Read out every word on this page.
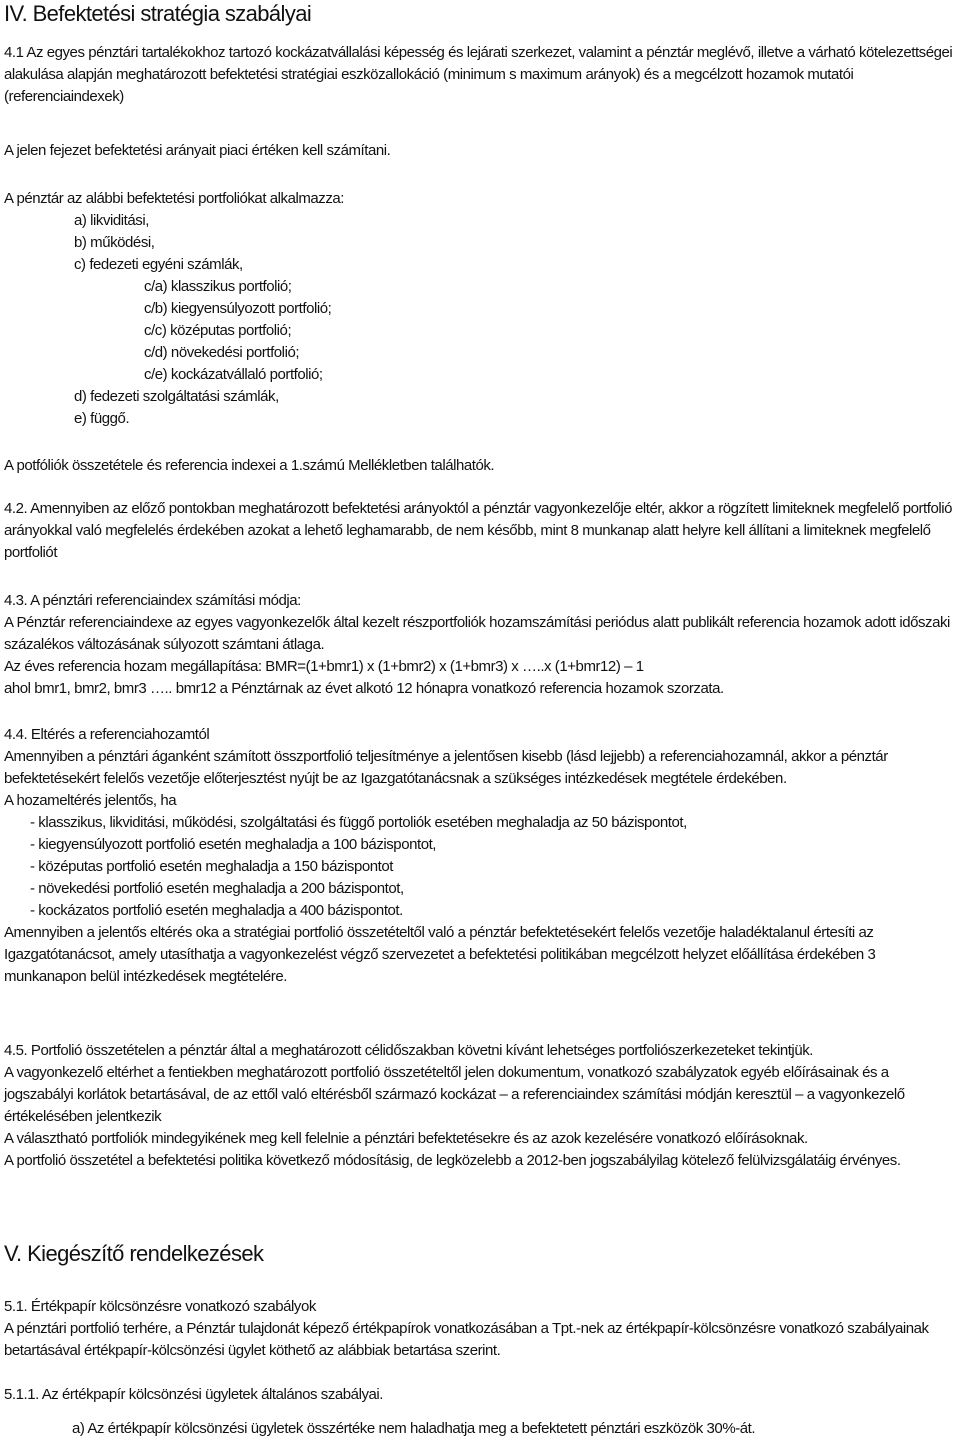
IV. Befektetési stratégia szabályai

4.1 Az egyes pénztári tartalékokhoz tartozó kockázatvállalási képesség és lejárati szerkezet, valamint a pénztár meglévő, illetve a várható kötelezettségei alakulása alapján meghatározott befektetési stratégiai eszközallokáció (minimum s maximum arányok) és a megcélzott hozamok mutatói (referenciaindexek)

A jelen fejezet befektetési arányait piaci értéken kell számítani.

A pénztár az alábbi befektetési portfoliókat alkalmazza:

a) likviditási,

b) működési,

c) fedezeti egyéni számlák,

c/a) klasszikus portfolió;

c/b) kiegyensúlyozott portfolió;

c/c) középutas portfolió;

c/d) növekedési portfolió;

c/e) kockázatvállaló portfolió;

d) fedezeti szolgáltatási számlák,

e) függő.

A potfóliók összetétele és referencia indexei a 1.számú Mellékletben találhatók.

4.2. Amennyiben az előző pontokban meghatározott befektetési arányoktól a pénztár vagyonkezelője eltér, akkor a rögzített limiteknek megfelelő portfolió arányokkal való megfelelés érdekében azokat a lehető leghamarabb, de nem később, mint 8 munkanap alatt helyre kell állítani a limiteknek megfelelő portfoliót

4.3. A pénztári referenciaindex számítási módja:

A Pénztár referenciaindexe az egyes vagyonkezelők által kezelt részportfoliók hozamszámítási periódus alatt publikált referencia hozamok adott időszaki százalékos változásának súlyozott számtani átlaga.

Az éves referencia hozam megállapítása: BMR=(1+bmr1) x (1+bmr2) x (1+bmr3) x …..x (1+bmr12) – 1

ahol bmr1, bmr2, bmr3 ….. bmr12 a Pénztárnak az évet alkotó 12 hónapra vonatkozó referencia hozamok szorzata.

4.4. Eltérés a referenciahozamtól

Amennyiben a pénztári áganként számított összportfolió teljesítménye a jelentősen kisebb (lásd lejjebb) a referenciahozamnál, akkor a pénztár befektetésekért felelős vezetője előterjesztést nyújt be az Igazgatótanácsnak a szükséges intézkedések megtétele érdekében.

A hozameltérés jelentős, ha

- klasszikus, likviditási, működési, szolgáltatási és függő portoliók esetében meghaladja az 50 bázispontot,

- kiegyensúlyozott portfolió esetén meghaladja a 100 bázispontot,

- középutas portfolió esetén meghaladja a 150 bázispontot

- növekedési portfolió esetén meghaladja a 200 bázispontot,

- kockázatos portfolió esetén meghaladja a 400 bázispontot.

Amennyiben a jelentős eltérés oka a stratégiai portfolió összetételtől való a pénztár befektetésekért felelős vezetője haladéktalanul értesíti az Igazgatótanácsot, amely utasíthatja a vagyonkezelést végző szervezetet a befektetési politikában megcélzott helyzet előállítása érdekében 3 munkanapon belül intézkedések megtételére.

4.5. Portfolió összetételen a pénztár által a meghatározott célidőszakban követni kívánt lehetséges portfoliószerkezeteket tekintjük.

A vagyonkezelő eltérhet a fentiekben meghatározott portfolió összetételtől jelen dokumentum, vonatkozó szabályzatok egyéb előírásainak és a jogszabályi korlátok betartásával, de az ettől való eltérésből származó kockázat – a referenciaindex számítási módján keresztül – a vagyonkezelő értékelésében jelentkezik

A választható portfoliók mindegyikének meg kell felelnie a pénztári befektetésekre és az azok kezelésére vonatkozó előírásoknak.

A portfolió összetétel a befektetési politika következő módosításig, de legközelebb a 2012-ben jogszabályilag kötelező felülvizsgálatáig érvényes.

V. Kiegészítő rendelkezések

5.1. Értékpapír kölcsönzésre vonatkozó szabályok

A pénztári portfolió terhére, a Pénztár tulajdonát képező értékpapírok vonatkozásában a Tpt.-nek az értékpapír-kölcsönzésre vonatkozó szabályainak betartásával értékpapír-kölcsönzési ügylet köthető az alábbiak betartása szerint.

5.1.1. Az értékpapír kölcsönzési ügyletek általános szabályai.

a) Az értékpapír kölcsönzési ügyletek összértéke nem haladhatja meg a befektetett pénztári eszközök 30%-át.
